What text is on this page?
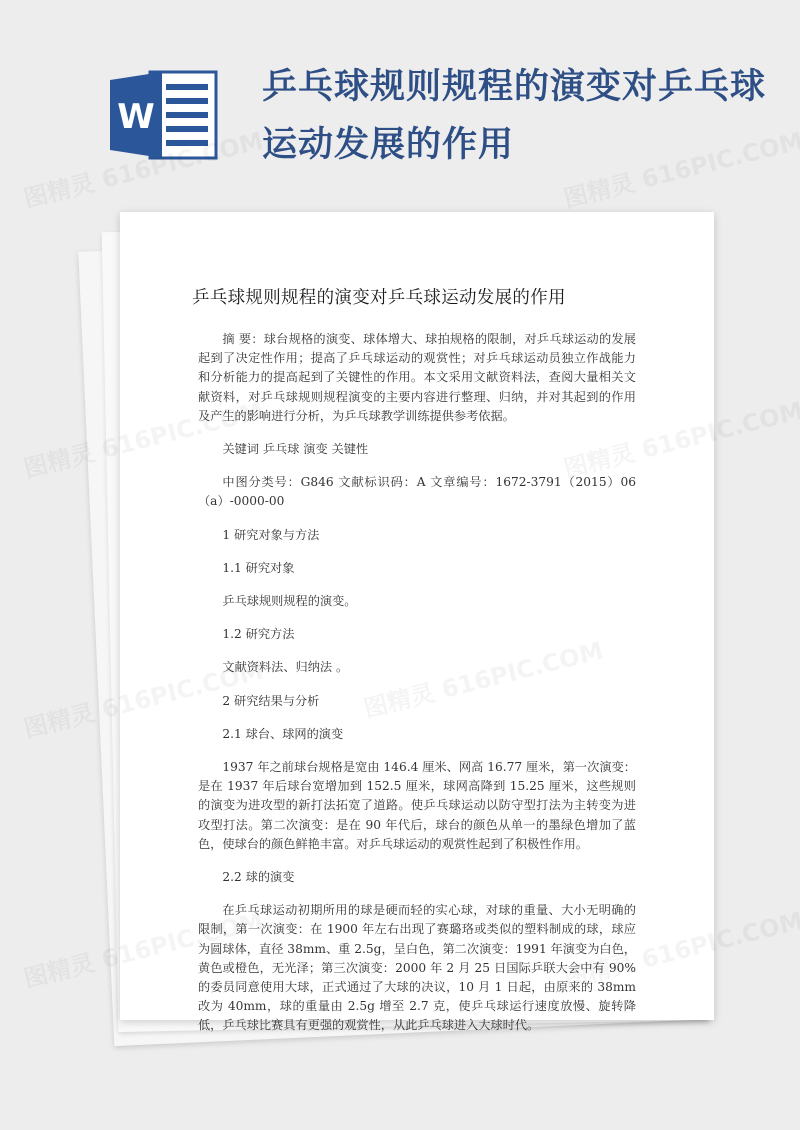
W
乒乓球规则规程的演变对乒乓球运动发展的作用
乒乓球规则规程的演变对乒乓球运动发展的作用

摘 要：球台规格的演变、球体增大、球拍规格的限制，对乒乓球运动的发展起到了决定性作用；提高了乒乓球运动的观赏性；对乒乓球运动员独立作战能力和分析能力的提高起到了关键性的作用。本文采用文献资料法，查阅大量相关文献资料，对乒乓球规则规程演变的主要内容进行整理、归纳，并对其起到的作用及产生的影响进行分析，为乒乓球教学训练提供参考依据。

关键词 乒乓球 演变 关键性

中图分类号：G846 文献标识码：A 文章编号：1672-3791（2015）06（a）-0000-00

1 研究对象与方法

1.1 研究对象

乒乓球规则规程的演变。

1.2 研究方法

文献资料法、归纳法 。

2 研究结果与分析

2.1 球台、球网的演变

1937 年之前球台规格是宽由 146.4 厘米、网高 16.77 厘米，第一次演变：是在 1937 年后球台宽增加到 152.5 厘米，球网高降到 15.25 厘米，这些规则的演变为进攻型的新打法拓宽了道路。使乒乓球运动以防守型打法为主转变为进攻型打法。第二次演变：是在 90 年代后，球台的颜色从单一的墨绿色增加了蓝色，使球台的颜色鲜艳丰富。对乒乓球运动的观赏性起到了积极性作用。

2.2 球的演变

在乒乓球运动初期所用的球是硬而轻的实心球，对球的重量、大小无明确的限制，第一次演变：在 1900 年左右出现了赛璐珞或类似的塑料制成的球，球应为圆球体，直径 38mm、重 2.5g，呈白色，第二次演变：1991 年演变为白色，黄色或橙色，无光泽；第三次演变：2000 年 2 月 25 日国际乒联大会中有 90%的委员同意使用大球，正式通过了大球的决议，10 月 1 日起，由原来的 38mm 改为 40mm，球的重量由 2.5g 增至 2.7 克，使乒乓球运行速度放慢、旋转降低，乒乓球比赛具有更强的观赏性，从此乒乓球进入大球时代。
